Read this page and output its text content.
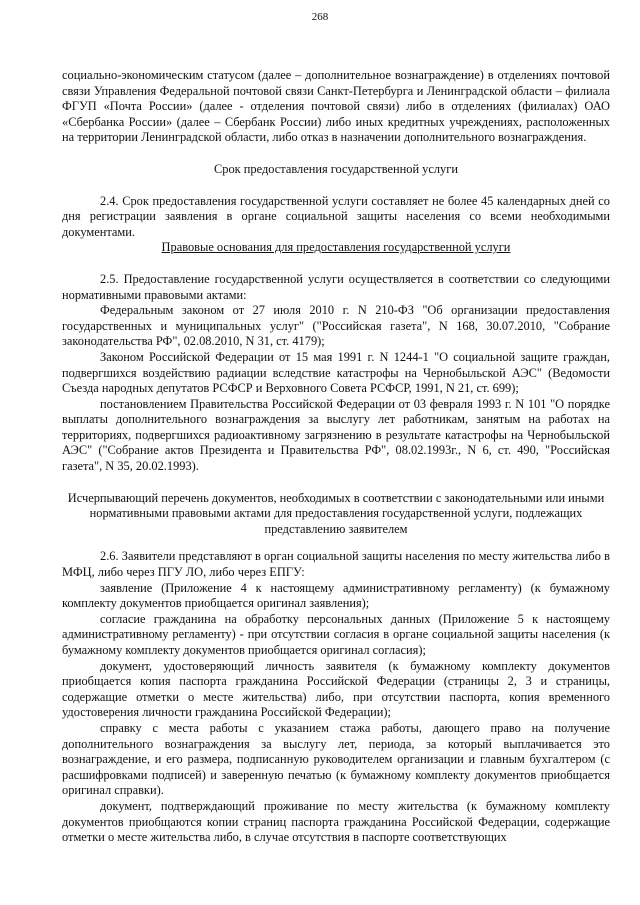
268

социально-экономическим статусом (далее – дополнительное вознаграждение) в отделениях почтовой связи Управления Федеральной почтовой связи Санкт-Петербурга и Ленинградской области – филиала ФГУП «Почта России» (далее - отделения почтовой связи) либо в отделениях (филиалах) ОАО «Сбербанка России» (далее – Сбербанк России) либо иных кредитных учреждениях, расположенных на территории Ленинградской области, либо отказ в назначении дополнительного вознаграждения.

Срок предоставления государственной услуги

2.4. Срок предоставления государственной услуги составляет не более 45 календарных дней со дня регистрации заявления в органе социальной защиты населения со всеми необходимыми документами.

Правовые основания для предоставления государственной услуги

2.5. Предоставление государственной услуги осуществляется в соответствии со следующими нормативными правовыми актами:

Федеральным законом от 27 июля 2010 г. N 210-ФЗ "Об организации предоставления государственных и муниципальных услуг" ("Российская газета", N 168, 30.07.2010, "Собрание законодательства РФ", 02.08.2010, N 31, ст. 4179);

Законом Российской Федерации от 15 мая 1991 г. N 1244-1 "О социальной защите граждан, подвергшихся воздействию радиации вследствие катастрофы на Чернобыльской АЭС" (Ведомости Съезда народных депутатов РСФСР и Верховного Совета РСФСР, 1991, N 21, ст. 699);

постановлением Правительства Российской Федерации от 03 февраля 1993 г. N 101 "О порядке выплаты дополнительного вознаграждения за выслугу лет работникам, занятым на работах на территориях, подвергшихся радиоактивному загрязнению в результате катастрофы на Чернобыльской АЭС" ("Собрание актов Президента и Правительства РФ", 08.02.1993г., N 6, ст. 490, "Российская газета", N 35, 20.02.1993).

Исчерпывающий перечень документов, необходимых в соответствии с законодательными или иными нормативными правовыми актами для предоставления государственной услуги, подлежащих представлению заявителем

2.6. Заявители представляют в орган социальной защиты населения по месту жительства либо в МФЦ, либо через ПГУ ЛО, либо через ЕПГУ:

заявление (Приложение 4 к настоящему административному регламенту) (к бумажному комплекту документов приобщается оригинал заявления);

согласие гражданина на обработку персональных данных (Приложение 5 к настоящему административному регламенту) - при отсутствии согласия в органе социальной защиты населения (к бумажному комплекту документов приобщается оригинал согласия);

документ, удостоверяющий личность заявителя (к бумажному комплекту документов приобщается копия паспорта гражданина Российской Федерации (страницы 2, 3 и страницы, содержащие отметки о месте жительства) либо, при отсутствии паспорта, копия временного удостоверения личности гражданина Российской Федерации);

справку с места работы с указанием стажа работы, дающего право на получение дополнительного вознаграждения за выслугу лет, периода, за который выплачивается это вознаграждение, и его размера, подписанную руководителем организации и главным бухгалтером (с расшифровками подписей) и заверенную печатью (к бумажному комплекту документов приобщается оригинал справки).

документ, подтверждающий проживание по месту жительства (к бумажному комплекту документов приобщаются копии страниц паспорта гражданина Российской Федерации, содержащие отметки о месте жительства либо, в случае отсутствия в паспорте соответствующих
